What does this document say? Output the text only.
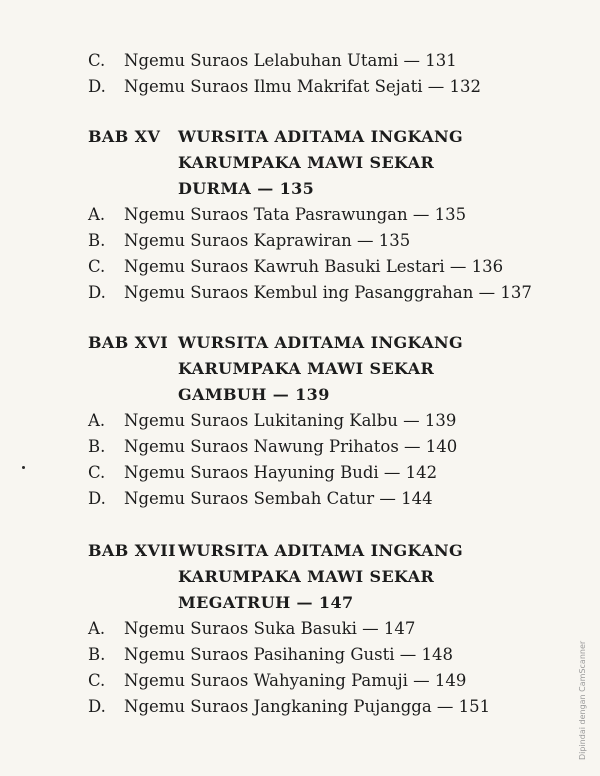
C. Ngemu Suraos Lelabuhan Utami — 131
D. Ngemu Suraos Ilmu Makrifat Sejati — 132
BAB XV WURSITA ADITAMA INGKANG
KARUMPAKA MAWI SEKAR
DURMA — 135
A. Ngemu Suraos Tata Pasrawungan — 135
B. Ngemu Suraos Kaprawiran — 135
C. Ngemu Suraos Kawruh Basuki Lestari — 136
D. Ngemu Suraos Kembul ing Pasanggrahan — 137
BAB XVI WURSITA ADITAMA INGKANG
KARUMPAKA MAWI SEKAR
GAMBUH — 139
A. Ngemu Suraos Lukitaning Kalbu — 139
B. Ngemu Suraos Nawung Prihatos — 140
C. Ngemu Suraos Hayuning Budi — 142
D. Ngemu Suraos Sembah Catur — 144
BAB XVII WURSITA ADITAMA INGKANG
KARUMPAKA MAWI SEKAR
MEGATRUH — 147
A. Ngemu Suraos Suka Basuki — 147
B. Ngemu Suraos Pasihaning Gusti — 148
C. Ngemu Suraos Wahyaning Pamuji — 149
D. Ngemu Suraos Jangkaning Pujangga — 151	Dipindai dengan CamScanner
